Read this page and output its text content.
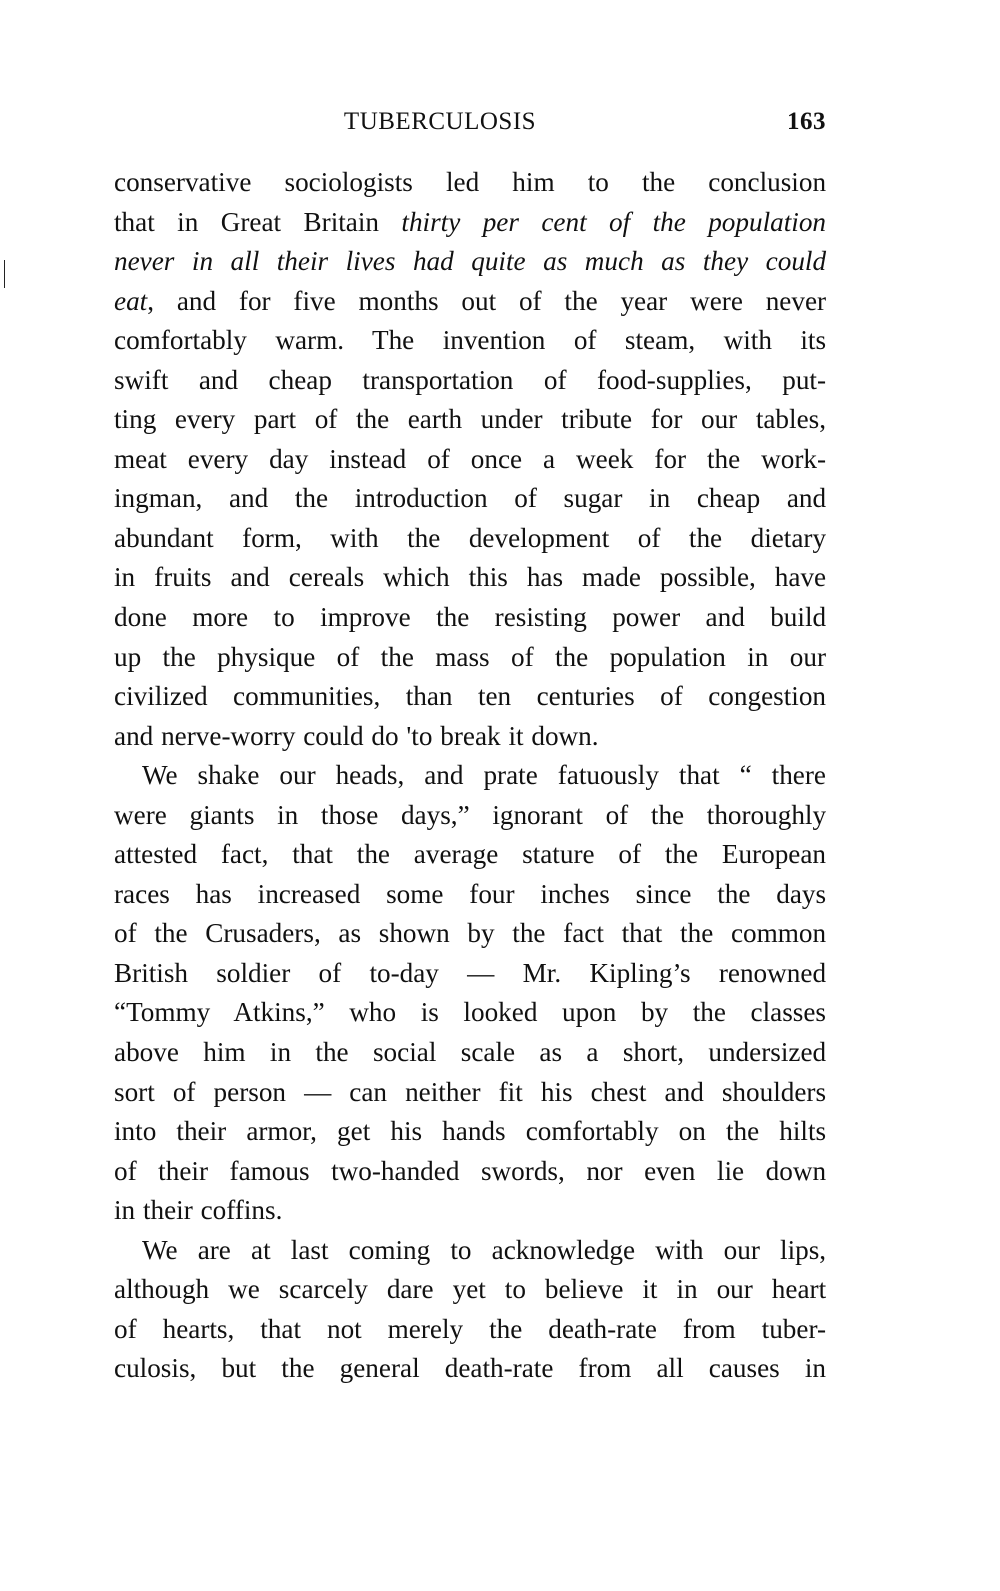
TUBERCULOSIS	163

conservative sociologists led him to the conclusion
that in Great Britain thirty per cent of the population
never in all their lives had quite as much as they could
eat, and for five months out of the year were never
comfortably warm. The invention of steam, with its
swift and cheap transportation of food-supplies, put-
ting every part of the earth under tribute for our tables,
meat every day instead of once a week for the work-
ingman, and the introduction of sugar in cheap and
abundant form, with the development of the dietary
in fruits and cereals which this has made possible, have
done more to improve the resisting power and build
up the physique of the mass of the population in our
civilized communities, than ten centuries of congestion
and nerve-worry could do 'to break it down.

We shake our heads, and prate fatuously that “ there
were giants in those days,” ignorant of the thoroughly
attested fact, that the average stature of the European
races has increased some four inches since the days
of the Crusaders, as shown by the fact that the common
British soldier of to-day — Mr. Kipling’s renowned
“Tommy Atkins,” who is looked upon by the classes
above him in the social scale as a short, undersized
sort of person — can neither fit his chest and shoulders
into their armor, get his hands comfortably on the hilts
of their famous two-handed swords, nor even lie down
in their coffins.

We are at last coming to acknowledge with our lips,
although we scarcely dare yet to believe it in our heart
of hearts, that not merely the death-rate from tuber-
culosis, but the general death-rate from all causes in
